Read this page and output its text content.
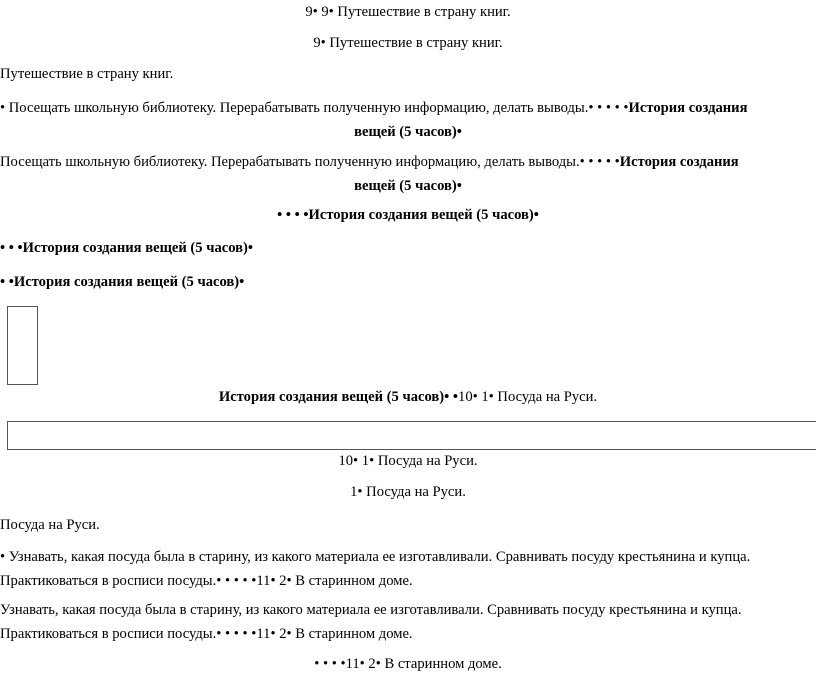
9• 9• Путешествие в страну книг.

9• Путешествие в страну книг.

Путешествие в страну книг.

• Посещать школьную библиотеку. Перерабатывать полученную информацию, делать выводы.• • • • •История создания
вещей (5 часов)•
Посещать школьную библиотеку. Перерабатывать полученную информацию, делать выводы.• • • • •История создания
вещей (5 часов)•

• • • •История создания вещей (5 часов)•

• • •История создания вещей (5 часов)•

• •История создания вещей (5 часов)•

История создания вещей (5 часов)• •10• 1• Посуда на Руси.

10• 1• Посуда на Руси.

1• Посуда на Руси.

Посуда на Руси.

• Узнавать, какая посуда была в старину, из какого материала ее изготавливали. Сравнивать посуду крестьянина и купца.
Практиковаться в росписи посуды.• • • • •11• 2• В старинном доме.
Узнавать, какая посуда была в старину, из какого материала ее изготавливали. Сравнивать посуду крестьянина и купца.
Практиковаться в росписи посуды.• • • • •11• 2• В старинном доме.

• • • •11• 2• В старинном доме.
